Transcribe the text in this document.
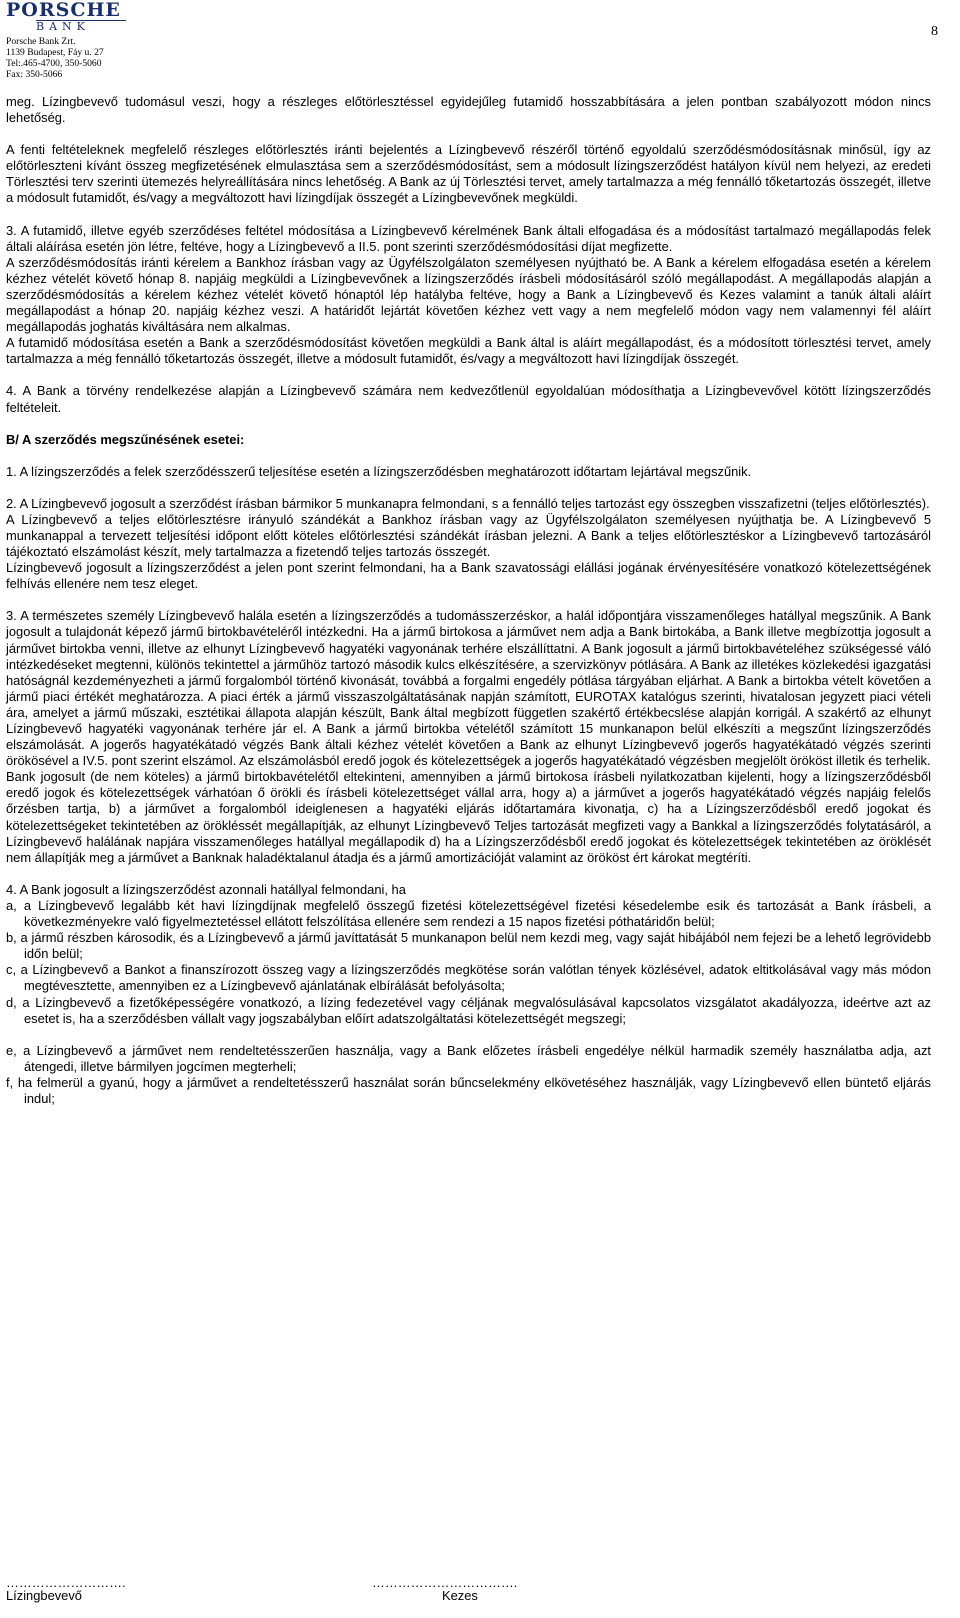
PORSCHE
BANK
Porsche Bank Zrt.
1139 Budapest, Fáy u. 27
Tel:.465-4700, 350-5060
Fax: 350-5066
8

meg. Lízingbevevő tudomásul veszi, hogy a részleges előtörlesztéssel egyidejűleg futamidő hosszabbítására a jelen pontban szabályozott módon nincs lehetőség.

A fenti feltételeknek megfelelő részleges előtörlesztés iránti bejelentés a Lízingbevevő részéről történő egyoldalú szerződésmódosításnak minősül, így az előtörleszteni kívánt összeg megfizetésének elmulasztása sem a szerződésmódosítást, sem a módosult lízingszerződést hatályon kívül nem helyezi, az eredeti Törlesztési terv szerinti ütemezés helyreállítására nincs lehetőség. A Bank az új Törlesztési tervet, amely tartalmazza a még fennálló tőketartozás összegét, illetve a módosult futamidőt, és/vagy a megváltozott havi lízingdíjak összegét a Lízingbevevőnek megküldi.

3. A futamidő, illetve egyéb szerződéses feltétel módosítása a Lízingbevevő kérelmének Bank általi elfogadása és a módosítást tartalmazó megállapodás felek általi aláírása esetén jön létre, feltéve, hogy a Lízingbevevő a II.5. pont szerinti szerződésmódosítási díjat megfizette.

A szerződésmódosítás iránti kérelem a Bankhoz írásban vagy az Ügyfélszolgálaton személyesen nyújtható be. A Bank a kérelem elfogadása esetén a kérelem kézhez vételét követő hónap 8. napjáig megküldi a Lízingbevevőnek a lízingszerződés írásbeli módosításáról szóló megállapodást. A megállapodás alapján a szerződésmódosítás a kérelem kézhez vételét követő hónaptól lép hatályba feltéve, hogy a Bank a Lízingbevevő és Kezes valamint a tanúk általi aláírt megállapodást a hónap 20. napjáig kézhez veszi. A határidőt lejártát követően kézhez vett vagy a nem megfelelő módon vagy nem valamennyi fél aláírt megállapodás joghatás kiváltására nem alkalmas.

A futamidő módosítása esetén a Bank a szerződésmódosítást követően megküldi a Bank által is aláírt megállapodást, és a módosított törlesztési tervet, amely tartalmazza a még fennálló tőketartozás összegét, illetve a módosult futamidőt, és/vagy a megváltozott havi lízingdíjak összegét.

4. A Bank a törvény rendelkezése alapján a Lízingbevevő számára nem kedvezőtlenül egyoldalúan módosíthatja a Lízingbevevővel kötött lízingszerződés feltételeit.

B/ A szerződés megszűnésének esetei:

1. A lízingszerződés a felek szerződésszerű teljesítése esetén a lízingszerződésben meghatározott időtartam lejártával megszűnik.

2. A Lízingbevevő jogosult a szerződést írásban bármikor 5 munkanapra felmondani, s a fennálló teljes tartozást egy összegben visszafizetni (teljes előtörlesztés).

A Lízingbevevő a teljes előtörlesztésre irányuló szándékát a Bankhoz írásban vagy az Ügyfélszolgálaton személyesen nyújthatja be. A Lízingbevevő 5 munkanappal a tervezett teljesítési időpont előtt köteles előtörlesztési szándékát írásban jelezni. A Bank a teljes előtörlesztéskor a Lízingbevevő tartozásáról tájékoztató elszámolást készít, mely tartalmazza a fizetendő teljes tartozás összegét.

Lízingbevevő jogosult a lízingszerződést a jelen pont szerint felmondani, ha a Bank szavatossági elállási jogának érvényesítésére vonatkozó kötelezettségének felhívás ellenére nem tesz eleget.

3. A természetes személy Lízingbevevő halála esetén a lízingszerződés a tudomásszerzéskor, a halál időpontjára visszamenőleges hatállyal megszűnik. A Bank jogosult a tulajdonát képező jármű birtokbavételéről intézkedni. Ha a jármű birtokosa a járművet nem adja a Bank birtokába, a Bank illetve megbízottja jogosult a járművet birtokba venni, illetve az elhunyt Lízingbevevő hagyatéki vagyonának terhére elszállíttatni. A Bank jogosult a jármű birtokbavételéhez szükségessé váló intézkedéseket megtenni, különös tekintettel a járműhöz tartozó második kulcs elkészítésére, a szervizkönyv pótlására. A Bank az illetékes közlekedési igazgatási hatóságnál kezdeményezheti a jármű forgalomból történő kivonását, továbbá a forgalmi engedély pótlása tárgyában eljárhat. A Bank a birtokba vételt követően a jármű piaci értékét meghatározza. A piaci érték a jármű visszaszolgáltatásának napján számított, EUROTAX katalógus szerinti, hivatalosan jegyzett piaci vételi ára, amelyet a jármű műszaki, esztétikai állapota alapján készült, Bank által megbízott független szakértő értékbecslése alapján korrigál. A szakértő az elhunyt Lízingbevevő hagyatéki vagyonának terhére jár el. A Bank a jármű birtokba vételétől számított 15 munkanapon belül elkészíti a megszűnt lízingszerződés elszámolását. A jogerős hagyatékátadó végzés Bank általi kézhez vételét követően a Bank az elhunyt Lízingbevevő jogerős hagyatékátadó végzés szerinti örökösével a IV.5. pont szerint elszámol. Az elszámolásból eredő jogok és kötelezettségek a jogerős hagyatékátadó végzésben megjelölt örököst illetik és terhelik.

Bank jogosult (de nem köteles) a jármű birtokbavételétől eltekinteni, amennyiben a jármű birtokosa írásbeli nyilatkozatban kijelenti, hogy a lízingszerződésből eredő jogok és kötelezettségek várhatóan ő örökli és írásbeli kötelezettséget vállal arra, hogy a) a járművet a jogerős hagyatékátadó végzés napjáig felelős őrzésben tartja, b) a járművet a forgalomból ideiglenesen a hagyatéki eljárás időtartamára kivonatja, c) ha a Lízingszerződésből eredő jogokat és kötelezettségeket tekintetében az örökléssét megállapítják, az elhunyt Lízingbevevő Teljes tartozását megfizeti vagy a Bankkal a lízingszerződés folytatásáról, a Lízingbevevő halálának napjára visszamenőleges hatállyal megállapodik d) ha a Lízingszerződésből eredő jogokat és kötelezettségek tekintetében az öröklését nem állapítják meg a járművet a Banknak haladéktalanul átadja és a jármű amortizációját valamint az örököst ért károkat megtéríti.

4. A Bank jogosult a lízingszerződést azonnali hatállyal felmondani, ha

a, a Lízingbevevő legalább két havi lízingdíjnak megfelelő összegű fizetési kötelezettségével fizetési késedelembe esik és tartozását a Bank írásbeli, a következményekre való figyelmeztetéssel ellátott felszólítása ellenére sem rendezi a 15 napos fizetési póthatáridőn belül;

b, a jármű részben károsodik, és a Lízingbevevő a jármű javíttatását 5 munkanapon belül nem kezdi meg, vagy saját hibájából nem fejezi be a lehető legrövidebb időn belül;

c, a Lízingbevevő a Bankot a finanszírozott összeg vagy a lízingszerződés megkötése során valótlan tények közlésével, adatok eltitkolásával vagy más módon megtévesztette, amennyiben ez a Lízingbevevő ajánlatának elbírálását befolyásolta;

d, a Lízingbevevő a fizetőképességére vonatkozó, a lízing fedezetével vagy céljának megvalósulásával kapcsolatos vizsgálatot akadályozza, ideértve azt az esetet is, ha a szerződésben vállalt vagy jogszabályban előírt adatszolgáltatási kötelezettségét megszegi;

e, a Lízingbevevő a járművet nem rendeltetésszerűen használja, vagy a Bank előzetes írásbeli engedélye nélkül harmadik személy használatba adja, azt átengedi, illetve bármilyen jogcímen megterheli;

f, ha felmerül a gyanú, hogy a járművet a rendeltetésszerű használat során bűncselekmény elkövetéséhez használják, vagy Lízingbevevő ellen büntető eljárás indul;

……………………….
Lízingbevevő
…………………………….
Kezes
